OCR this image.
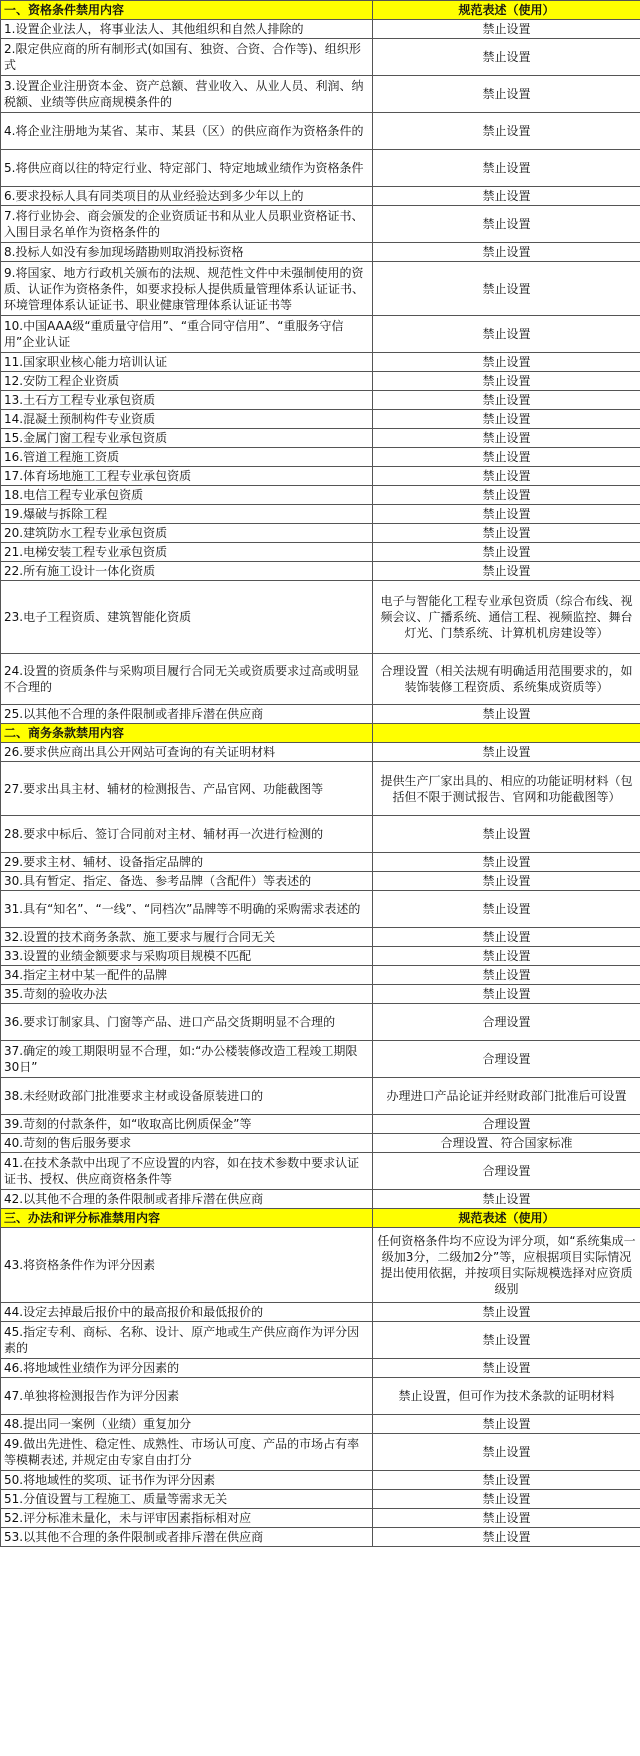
一、资格条件禁用内容	规范表述（使用）
1.设置企业法人，将事业法人、其他组织和自然人排除的	禁止设置
2.限定供应商的所有制形式(如国有、独资、合资、合作等)、组织形式	禁止设置
3.设置企业注册资本金、资产总额、营业收入、从业人员、利润、纳税额、业绩等供应商规模条件的	禁止设置
4.将企业注册地为某省、某市、某县（区）的供应商作为资格条件的	禁止设置
5.将供应商以往的特定行业、特定部门、特定地域业绩作为资格条件	禁止设置
6.要求投标人具有同类项目的从业经验达到多少年以上的	禁止设置
7.将行业协会、商会颁发的企业资质证书和从业人员职业资格证书、入围目录名单作为资格条件的	禁止设置
8.投标人如没有参加现场踏勘则取消投标资格	禁止设置
9.将国家、地方行政机关颁布的法规、规范性文件中未强制使用的资质、认证作为资格条件，如要求投标人提供质量管理体系认证证书、环境管理体系认证证书、职业健康管理体系认证证书等	禁止设置
10.中国AAA级“重质量守信用”、“重合同守信用”、“重服务守信用”企业认证	禁止设置
11.国家职业核心能力培训认证	禁止设置
12.安防工程企业资质	禁止设置
13.土石方工程专业承包资质	禁止设置
14.混凝土预制构件专业资质	禁止设置
15.金属门窗工程专业承包资质	禁止设置
16.管道工程施工资质	禁止设置
17.体育场地施工工程专业承包资质	禁止设置
18.电信工程专业承包资质	禁止设置
19.爆破与拆除工程	禁止设置
20.建筑防水工程专业承包资质	禁止设置
21.电梯安装工程专业承包资质	禁止设置
22.所有施工设计一体化资质	禁止设置
23.电子工程资质、建筑智能化资质	电子与智能化工程专业承包资质（综合布线、视频会议、广播系统、通信工程、视频监控、舞台灯光、门禁系统、计算机机房建设等）
24.设置的资质条件与采购项目履行合同无关或资质要求过高或明显不合理的	合理设置（相关法规有明确适用范围要求的，如装饰装修工程资质、系统集成资质等）
25.以其他不合理的条件限制或者排斥潜在供应商	禁止设置
二、商务条款禁用内容	
26.要求供应商出具公开网站可查询的有关证明材料	禁止设置
27.要求出具主材、辅材的检测报告、产品官网、功能截图等	提供生产厂家出具的、相应的功能证明材料（包括但不限于测试报告、官网和功能截图等）
28.要求中标后、签订合同前对主材、辅材再一次进行检测的	禁止设置
29.要求主材、辅材、设备指定品牌的	禁止设置
30.具有暂定、指定、备选、参考品牌（含配件）等表述的	禁止设置
31.具有“知名”、“一线”、“同档次”品牌等不明确的采购需求表述的	禁止设置
32.设置的技术商务条款、施工要求与履行合同无关	禁止设置
33.设置的业绩金额要求与采购项目规模不匹配	禁止设置
34.指定主材中某一配件的品牌	禁止设置
35.苛刻的验收办法	禁止设置
36.要求订制家具、门窗等产品、进口产品交货期明显不合理的	合理设置
37.确定的竣工期限明显不合理，如:“办公楼装修改造工程竣工期限30日”	合理设置
38.未经财政部门批准要求主材或设备原装进口的	办理进口产品论证并经财政部门批准后可设置
39.苛刻的付款条件，如“收取高比例质保金”等	合理设置
40.苛刻的售后服务要求	合理设置、符合国家标准
41.在技术条款中出现了不应设置的内容，如在技术参数中要求认证证书、授权、供应商资格条件等	合理设置
42.以其他不合理的条件限制或者排斥潜在供应商	禁止设置
三、办法和评分标准禁用内容	规范表述（使用）
43.将资格条件作为评分因素	任何资格条件均不应设为评分项，如“系统集成一级加3分，二级加2分”等，应根据项目实际情况提出使用依据，并按项目实际规模选择对应资质级别
44.设定去掉最后报价中的最高报价和最低报价的	禁止设置
45.指定专利、商标、名称、设计、原产地或生产供应商作为评分因素的	禁止设置
46.将地域性业绩作为评分因素的	禁止设置
47.单独将检测报告作为评分因素	禁止设置，但可作为技术条款的证明材料
48.提出同一案例（业绩）重复加分	禁止设置
49.做出先进性、稳定性、成熟性、市场认可度、产品的市场占有率等模糊表述, 并规定由专家自由打分	禁止设置
50.将地域性的奖项、证书作为评分因素	禁止设置
51.分值设置与工程施工、质量等需求无关	禁止设置
52.评分标准未量化，未与评审因素指标相对应	禁止设置
53.以其他不合理的条件限制或者排斥潜在供应商	禁止设置
